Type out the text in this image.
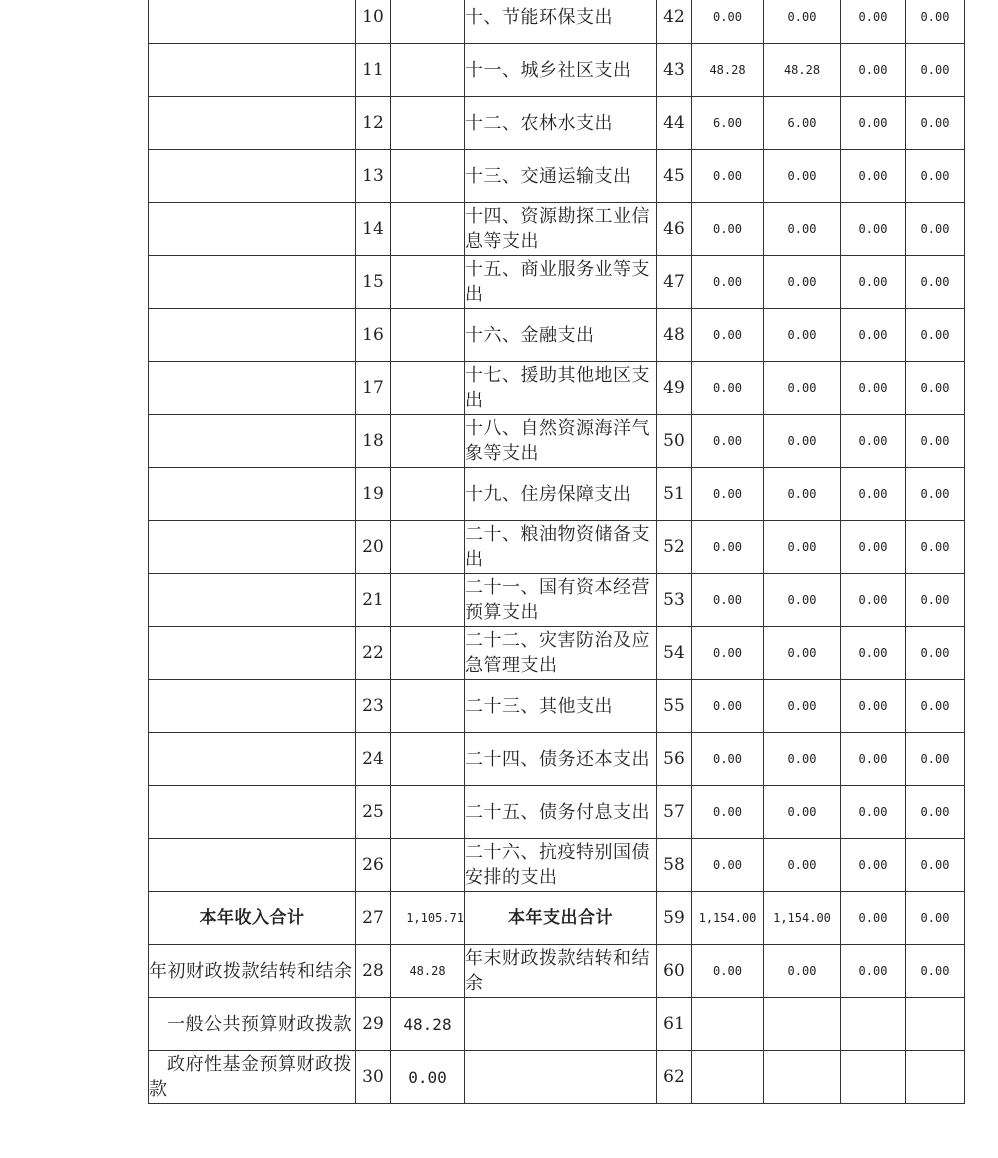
	10		十、节能环保支出	42	0.00	0.00	0.00	0.00
	11		十一、城乡社区支出	43	48.28	48.28	0.00	0.00
	12		十二、农林水支出	44	6.00	6.00	0.00	0.00
	13		十三、交通运输支出	45	0.00	0.00	0.00	0.00
	14		十四、资源勘探工业信息等支出	46	0.00	0.00	0.00	0.00
	15		十五、商业服务业等支出	47	0.00	0.00	0.00	0.00
	16		十六、金融支出	48	0.00	0.00	0.00	0.00
	17		十七、援助其他地区支出	49	0.00	0.00	0.00	0.00
	18		十八、自然资源海洋气象等支出	50	0.00	0.00	0.00	0.00
	19		十九、住房保障支出	51	0.00	0.00	0.00	0.00
	20		二十、粮油物资储备支出	52	0.00	0.00	0.00	0.00
	21		二十一、国有资本经营预算支出	53	0.00	0.00	0.00	0.00
	22		二十二、灾害防治及应急管理支出	54	0.00	0.00	0.00	0.00
	23		二十三、其他支出	55	0.00	0.00	0.00	0.00
	24		二十四、债务还本支出	56	0.00	0.00	0.00	0.00
	25		二十五、债务付息支出	57	0.00	0.00	0.00	0.00
	26		二十六、抗疫特别国债安排的支出	58	0.00	0.00	0.00	0.00
本年收入合计	27	1,105.71	本年支出合计	59	1,154.00	1,154.00	0.00	0.00
年初财政拨款结转和结余	28	48.28	年末财政拨款结转和结余	60	0.00	0.00	0.00	0.00
一般公共预算财政拨款	29	48.28		61				
政府性基金预算财政拨款	30	0.00		62				
